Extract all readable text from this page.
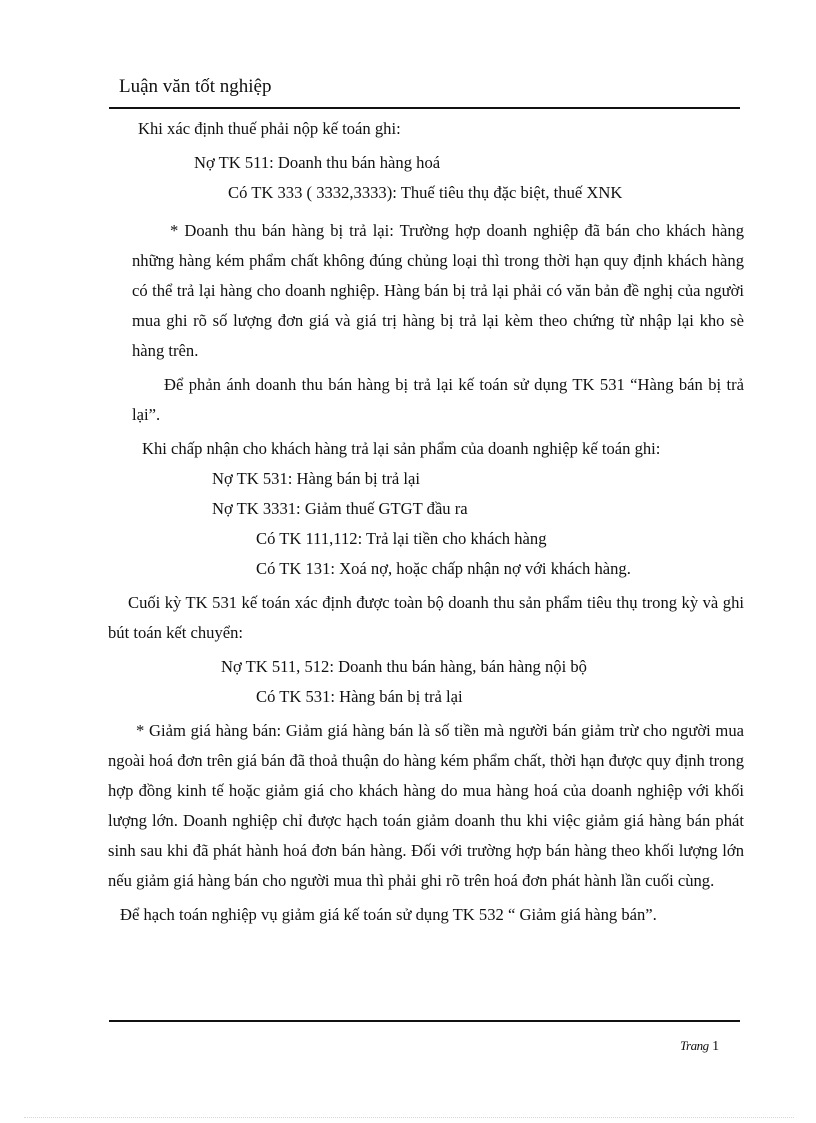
Luận văn tốt nghiệp

Khi xác định thuế phải nộp kế toán ghi:

Nợ TK 511: Doanh thu bán hàng hoá

Có TK 333 ( 3332,3333): Thuế tiêu thụ đặc biệt, thuế XNK

* Doanh thu bán hàng bị trả lại: Trường hợp doanh nghiệp đã bán cho khách hàng những hàng kém phẩm chất không đúng chủng loại thì trong thời hạn quy định khách hàng có thể trả lại hàng cho doanh nghiệp. Hàng bán bị trả lại phải có văn bản đề nghị của người mua ghi rõ số lượng đơn giá và giá trị hàng bị trả lại kèm theo chứng từ nhập lại kho sè hàng trên.

Để phản ánh doanh thu bán hàng bị trả lại kế toán sử dụng TK 531 “Hàng bán bị trả lại”.

Khi chấp nhận cho khách hàng trả lại sản phẩm của doanh nghiệp kế toán ghi:

Nợ TK 531: Hàng bán bị trả lại

Nợ TK 3331: Giảm thuế GTGT đầu ra

Có TK 111,112: Trả lại tiền cho khách hàng

Có TK 131: Xoá nợ, hoặc chấp nhận nợ với khách hàng.

Cuối kỳ TK 531 kế toán xác định được toàn bộ doanh thu sản phẩm tiêu thụ trong kỳ và ghi bút toán kết chuyển:

Nợ TK 511, 512: Doanh thu bán hàng, bán hàng nội bộ

Có TK 531: Hàng bán bị trả lại

* Giảm giá hàng bán: Giảm giá hàng bán là số tiền mà người bán giảm trừ cho người mua ngoài hoá đơn trên giá bán đã thoả thuận do hàng kém phẩm chất, thời hạn được quy định trong hợp đồng kinh tế hoặc giảm giá cho khách hàng do mua hàng hoá của doanh nghiệp với khối lượng lớn. Doanh nghiệp chỉ được hạch toán giảm doanh thu khi việc giảm giá hàng bán phát sinh sau khi đã phát hành hoá đơn bán hàng. Đối với trường hợp bán hàng theo khối lượng lớn nếu giảm giá hàng bán cho người mua thì phải ghi rõ trên hoá đơn phát hành lần cuối cùng.

Để hạch toán nghiệp vụ giảm giá kế toán sử dụng TK 532 “ Giảm giá hàng bán”.

Trang 1
